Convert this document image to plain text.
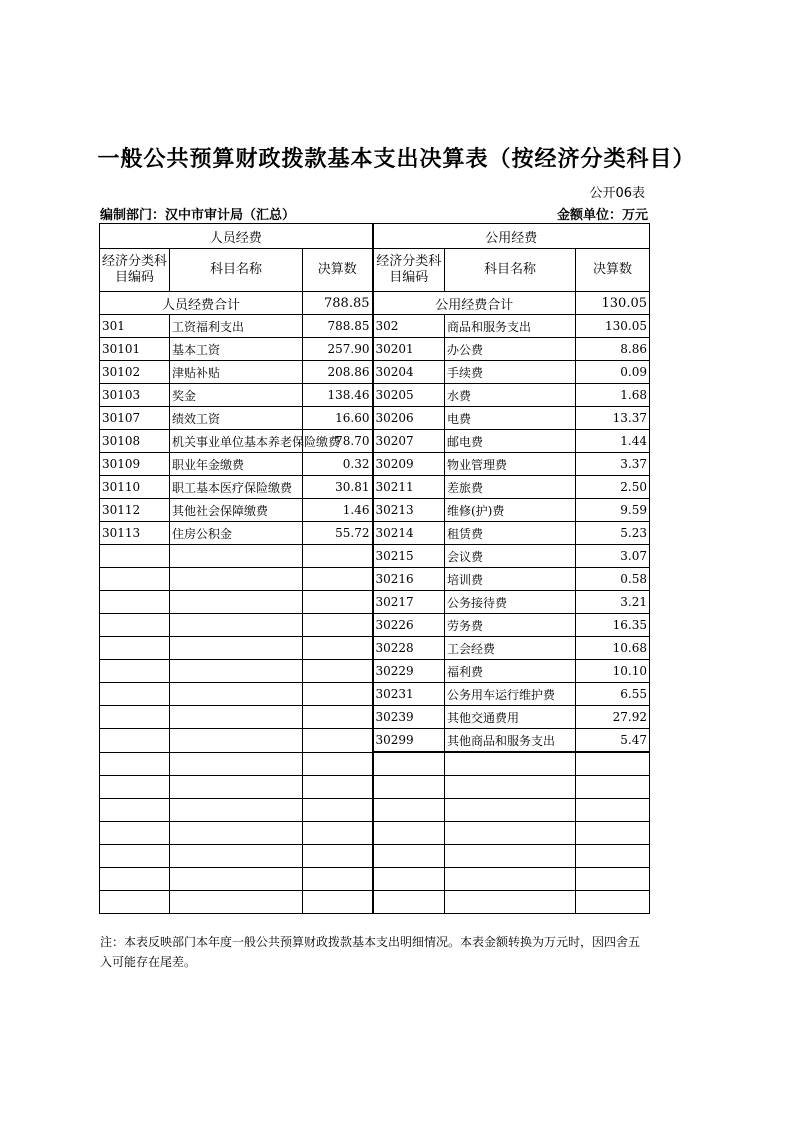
一般公共预算财政拨款基本支出决算表（按经济分类科目）
公开06表
编制部门：汉中市审计局（汇总）	金额单位：万元
人员经费			公用经费		
经济分类科目编码	科目名称	决算数	经济分类科目编码	科目名称	决算数
人员经费合计		788.85	公用经费合计		130.05
301	工资福利支出	788.85	302	商品和服务支出	130.05
30101	基本工资	257.90	30201	办公费	8.86
30102	津贴补贴	208.86	30204	手续费	0.09
30103	奖金	138.46	30205	水费	1.68
30107	绩效工资	16.60	30206	电费	13.37
30108	机关事业单位基本养老保险缴费	78.70	30207	邮电费	1.44
30109	职业年金缴费	0.32	30209	物业管理费	3.37
30110	职工基本医疗保险缴费	30.81	30211	差旅费	2.50
30112	其他社会保障缴费	1.46	30213	维修(护)费	9.59
30113	住房公积金	55.72	30214	租赁费	5.23
			30215	会议费	3.07
			30216	培训费	0.58
			30217	公务接待费	3.21
			30226	劳务费	16.35
			30228	工会经费	10.68
			30229	福利费	10.10
			30231	公务用车运行维护费	6.55
			30239	其他交通费用	27.92
			30299	其他商品和服务支出	5.47

注：本表反映部门本年度一般公共预算财政拨款基本支出明细情况。本表金额转换为万元时，因四舍五入可能存在尾差。
